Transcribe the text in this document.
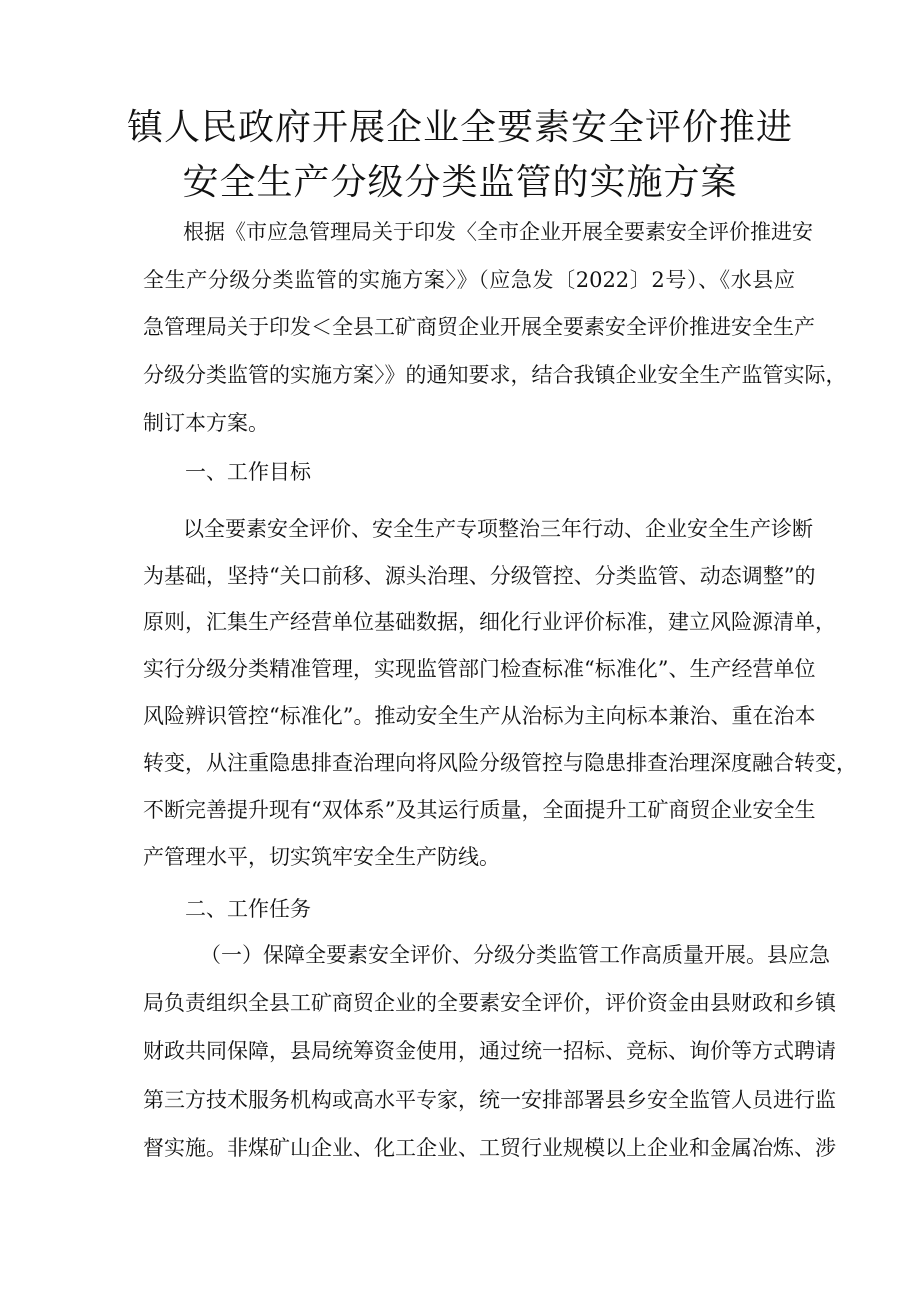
镇人民政府开展企业全要素安全评价推进
安全生产分级分类监管的实施方案
根据《市应急管理局关于印发〈全市企业开展全要素安全评价推进安
全生产分级分类监管的实施方案〉》（应急发〔2022〕2号）、《水县应
急管理局关于印发＜全县工矿商贸企业开展全要素安全评价推进安全生产
分级分类监管的实施方案〉》的通知要求，结合我镇企业安全生产监管实际，
制订本方案。
一、工作目标
以全要素安全评价、安全生产专项整治三年行动、企业安全生产诊断
为基础，坚持“关口前移、源头治理、分级管控、分类监管、动态调整”的
原则，汇集生产经营单位基础数据，细化行业评价标准，建立风险源清单，
实行分级分类精准管理，实现监管部门检查标准“标准化”、生产经营单位
风险辨识管控“标准化”。推动安全生产从治标为主向标本兼治、重在治本
转变，从注重隐患排查治理向将风险分级管控与隐患排查治理深度融合转变，
不断完善提升现有“双体系”及其运行质量，全面提升工矿商贸企业安全生
产管理水平，切实筑牢安全生产防线。
二、工作任务
（一）保障全要素安全评价、分级分类监管工作高质量开展。县应急
局负责组织全县工矿商贸企业的全要素安全评价，评价资金由县财政和乡镇
财政共同保障，县局统筹资金使用，通过统一招标、竞标、询价等方式聘请
第三方技术服务机构或高水平专家，统一安排部署县乡安全监管人员进行监
督实施。非煤矿山企业、化工企业、工贸行业规模以上企业和金属冶炼、涉
